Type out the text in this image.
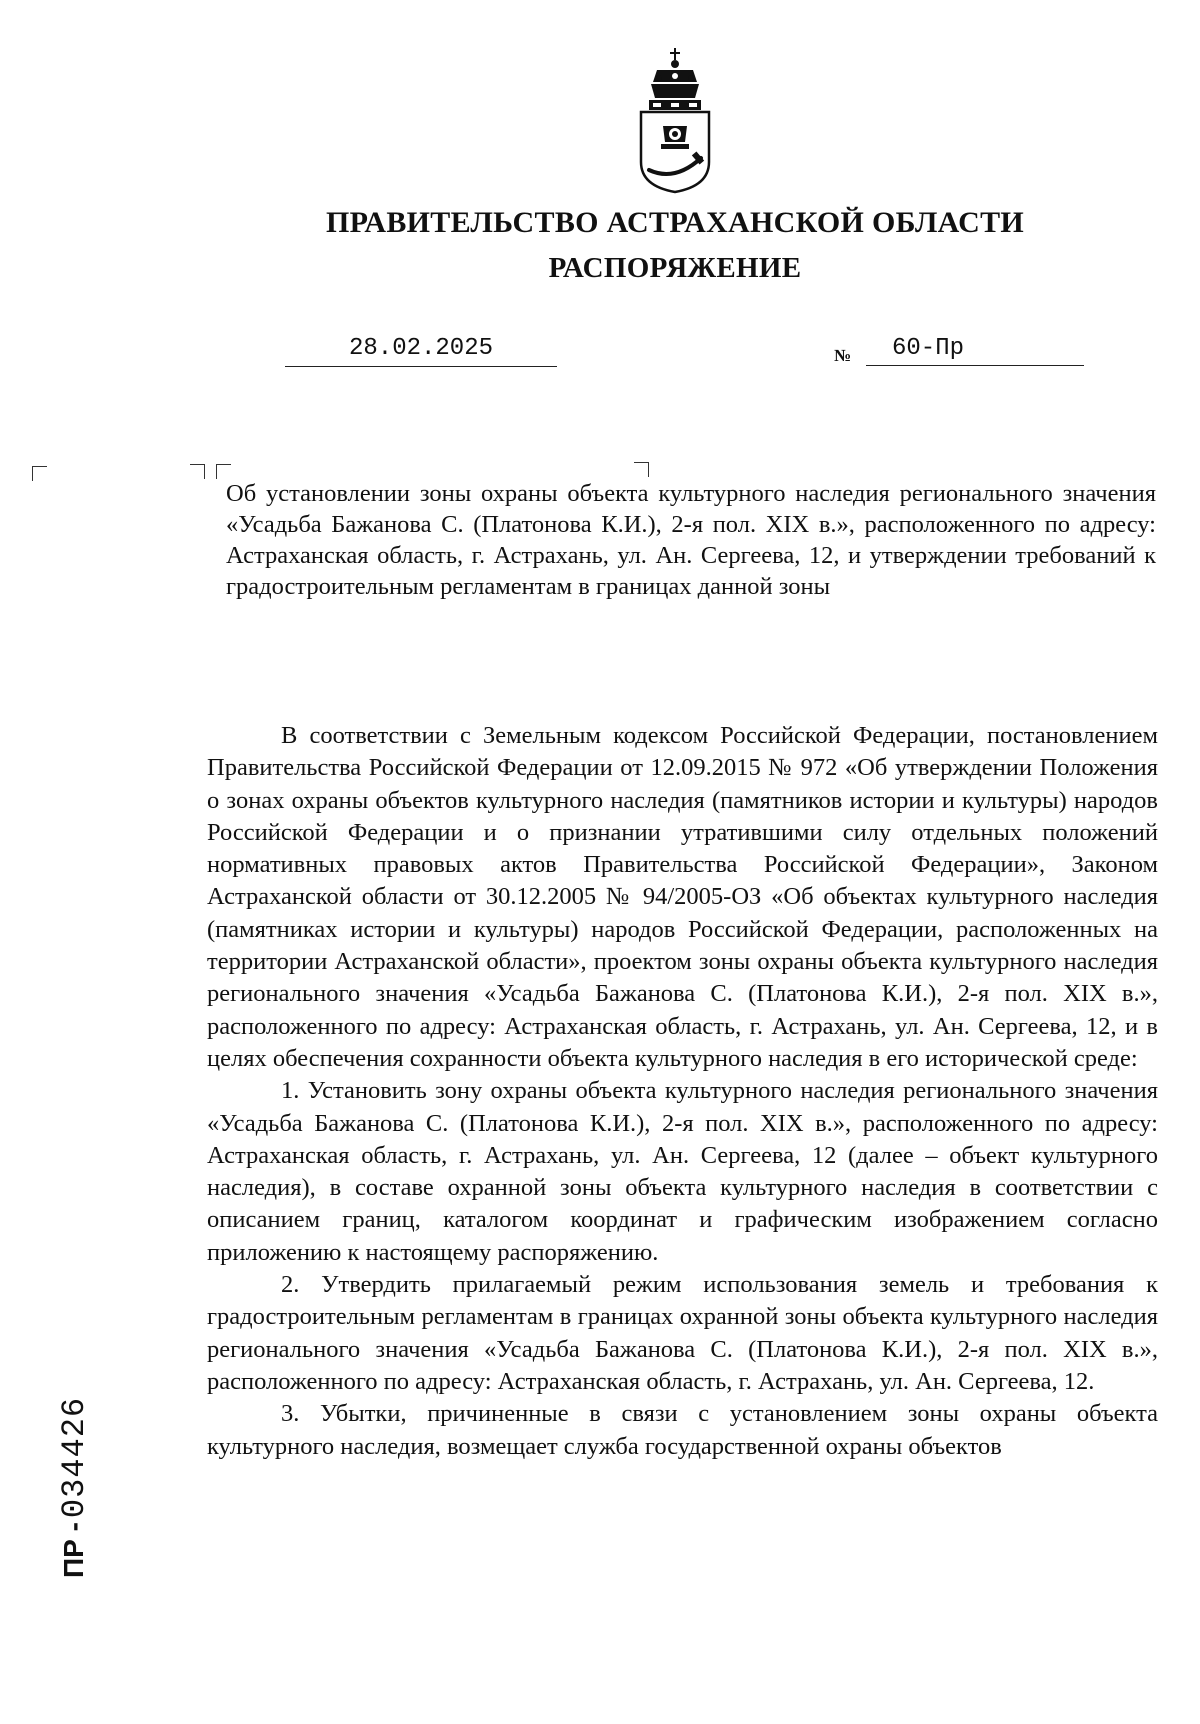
ПРАВИТЕЛЬСТВО АСТРАХАНСКОЙ ОБЛАСТИ
РАСПОРЯЖЕНИЕ
28.02.2025	№	60-Пр
Об установлении зоны охраны объекта культурного наследия регионального значения «Усадьба Бажанова С. (Платонова К.И.), 2-я пол. XIX в.», расположенного по адресу: Астраханская область, г. Астрахань, ул. Ан. Сергеева, 12, и утверждении требований к градостроительным регламентам в границах данной зоны

В соответствии с Земельным кодексом Российской Федерации, постановлением Правительства Российской Федерации от 12.09.2015 № 972 «Об утверждении Положения о зонах охраны объектов культурного наследия (памятников истории и культуры) народов Российской Федерации и о признании утратившими силу отдельных положений нормативных правовых актов Правительства Российской Федерации», Законом Астраханской области от 30.12.2005 № 94/2005-ОЗ «Об объектах культурного наследия (памятниках истории и культуры) народов Российской Федерации, расположенных на территории Астраханской области», проектом зоны охраны объекта культурного наследия регионального значения «Усадьба Бажанова С. (Платонова К.И.), 2-я пол. XIX в.», расположенного по адресу: Астраханская область, г. Астрахань, ул. Ан. Сергеева, 12, и в целях обеспечения сохранности объекта культурного наследия в его исторической среде:

1. Установить зону охраны объекта культурного наследия регионального значения «Усадьба Бажанова С. (Платонова К.И.), 2-я пол. XIX в.», расположенного по адресу: Астраханская область, г. Астрахань, ул. Ан. Сергеева, 12 (далее – объект культурного наследия), в составе охранной зоны объекта культурного наследия в соответствии с описанием границ, каталогом координат и графическим изображением согласно приложению к настоящему распоряжению.

2. Утвердить прилагаемый режим использования земель и требования к градостроительным регламентам в границах охранной зоны объекта культурного наследия регионального значения «Усадьба Бажанова С. (Платонова К.И.), 2-я пол. XIX в.», расположенного по адресу: Астраханская область, г. Астрахань, ул. Ан. Сергеева, 12.

3. Убытки, причиненные в связи с установлением зоны охраны объекта культурного наследия, возмещает служба государственной охраны объектов

ПР - 034426
